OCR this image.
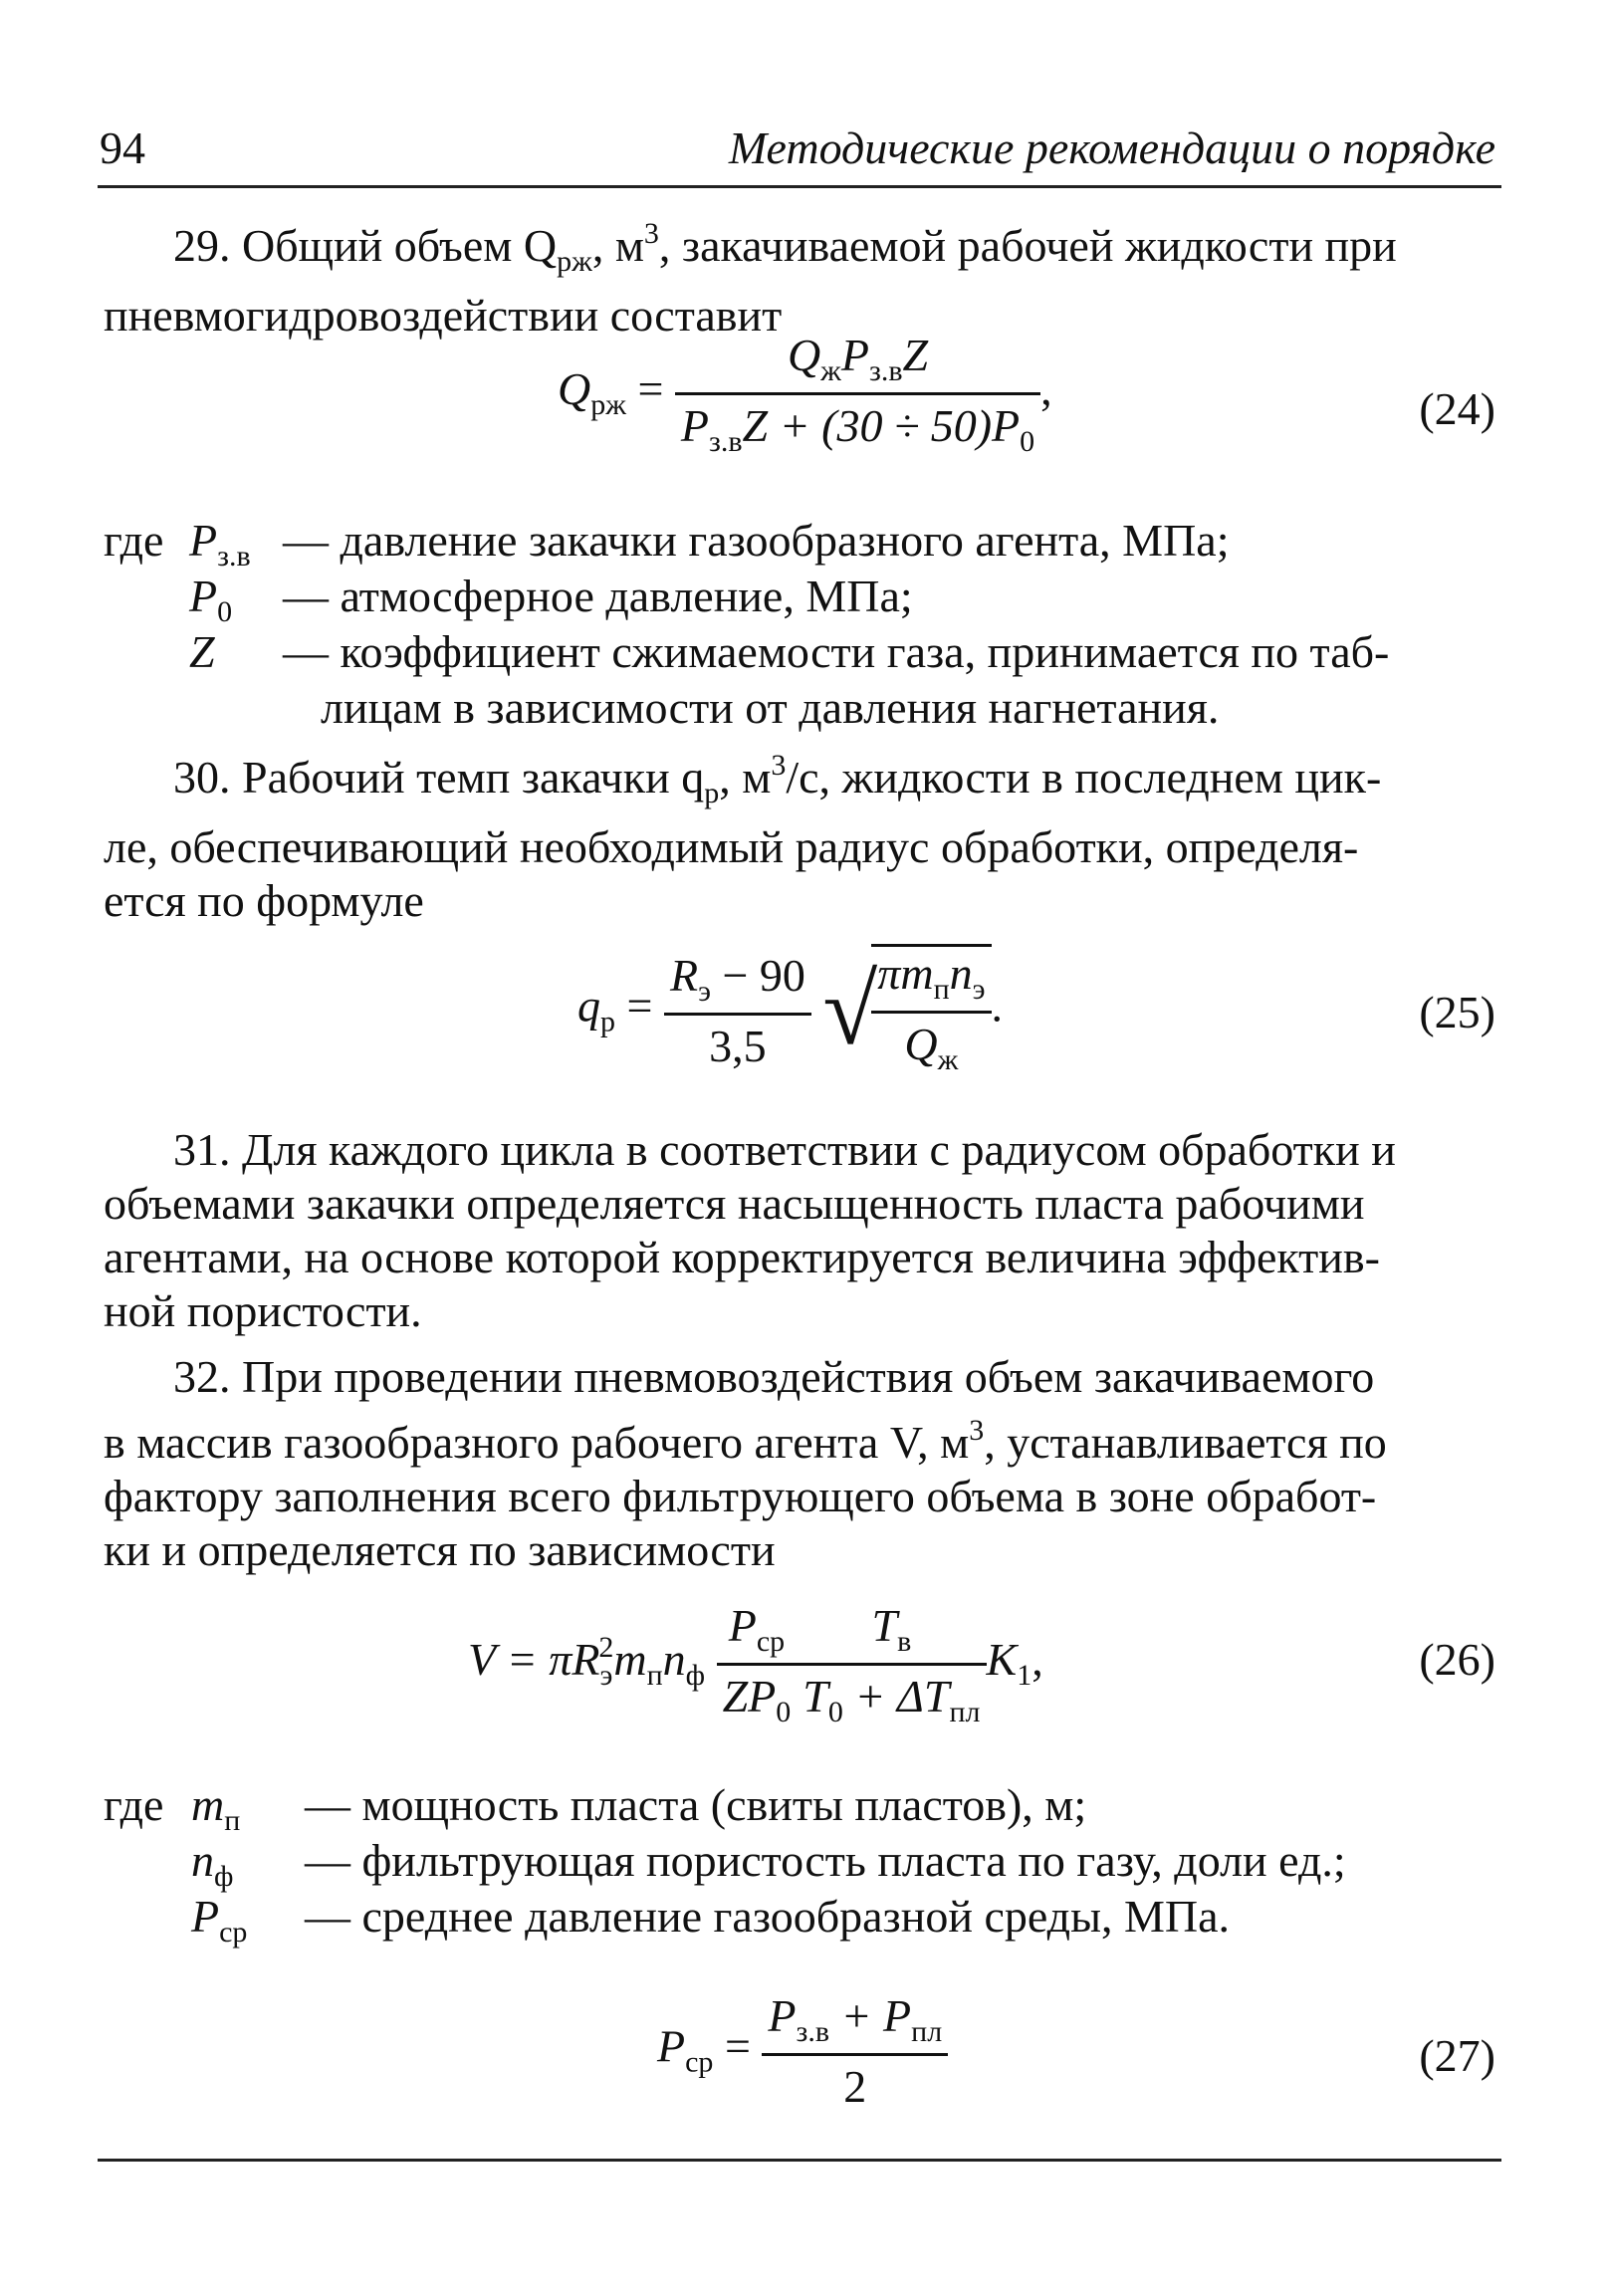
94	Методические рекомендации о порядке
29. Общий объем $Q_{рж}$, $м^3$, закачиваемой рабочей жидкости при
пневмогидровоздействии составит
$Q_{рж} = \frac{Q_жP_{з.в}Z}{P_{з.в}Z + (30 \div 50)P_0}$ ,	(24)
где $P_{з.в}$ — давление закачки газообразного агента, МПа;
$P_0$ — атмосферное давление, МПа;
Z — коэффициент сжимаемости газа, принимается по таб-
лицам в зависимости от давления нагнетания.
30. Рабочий темп закачки $q_р$, $м^3/с$, жидкости в последнем цик-
ле, обеспечивающий необходимый радиус обработки, определя-
ется по формуле
$q_р = \frac{R_э - 90}{3,5}$ √
$\frac{\pi m_пn_э}{Q_ж}$ .	(25)
31. Для каждого цикла в соответствии с радиусом обработки и
объемами закачки определяется насыщенность пласта рабочими
агентами, на основе которой корректируется величина эффектив-
ной пористости.
32. При проведении пневмовоздействия объем закачиваемого
в массив газообразного рабочего агента V, $м^3$, устанавливается по
фактору заполнения всего фильтрующего объема в зоне обработ-
ки и определяется по зависимости
$V = \pi R_э^2m_пn_ф \frac{P_{ср}}{ZP_0} \frac{T_в}{T_0 + \Delta T_{пл}} K_1$,	(26)
где $m_п$ — мощность пласта (свиты пластов), м;
$n_ф$ — фильтрующая пористость пласта по газу, доли ед.;
$P_{ср}$ — среднее давление газообразной среды, МПа.
$P_{ср} = \frac{P_{з.в} + P_{пл}}{2}$	(27)
